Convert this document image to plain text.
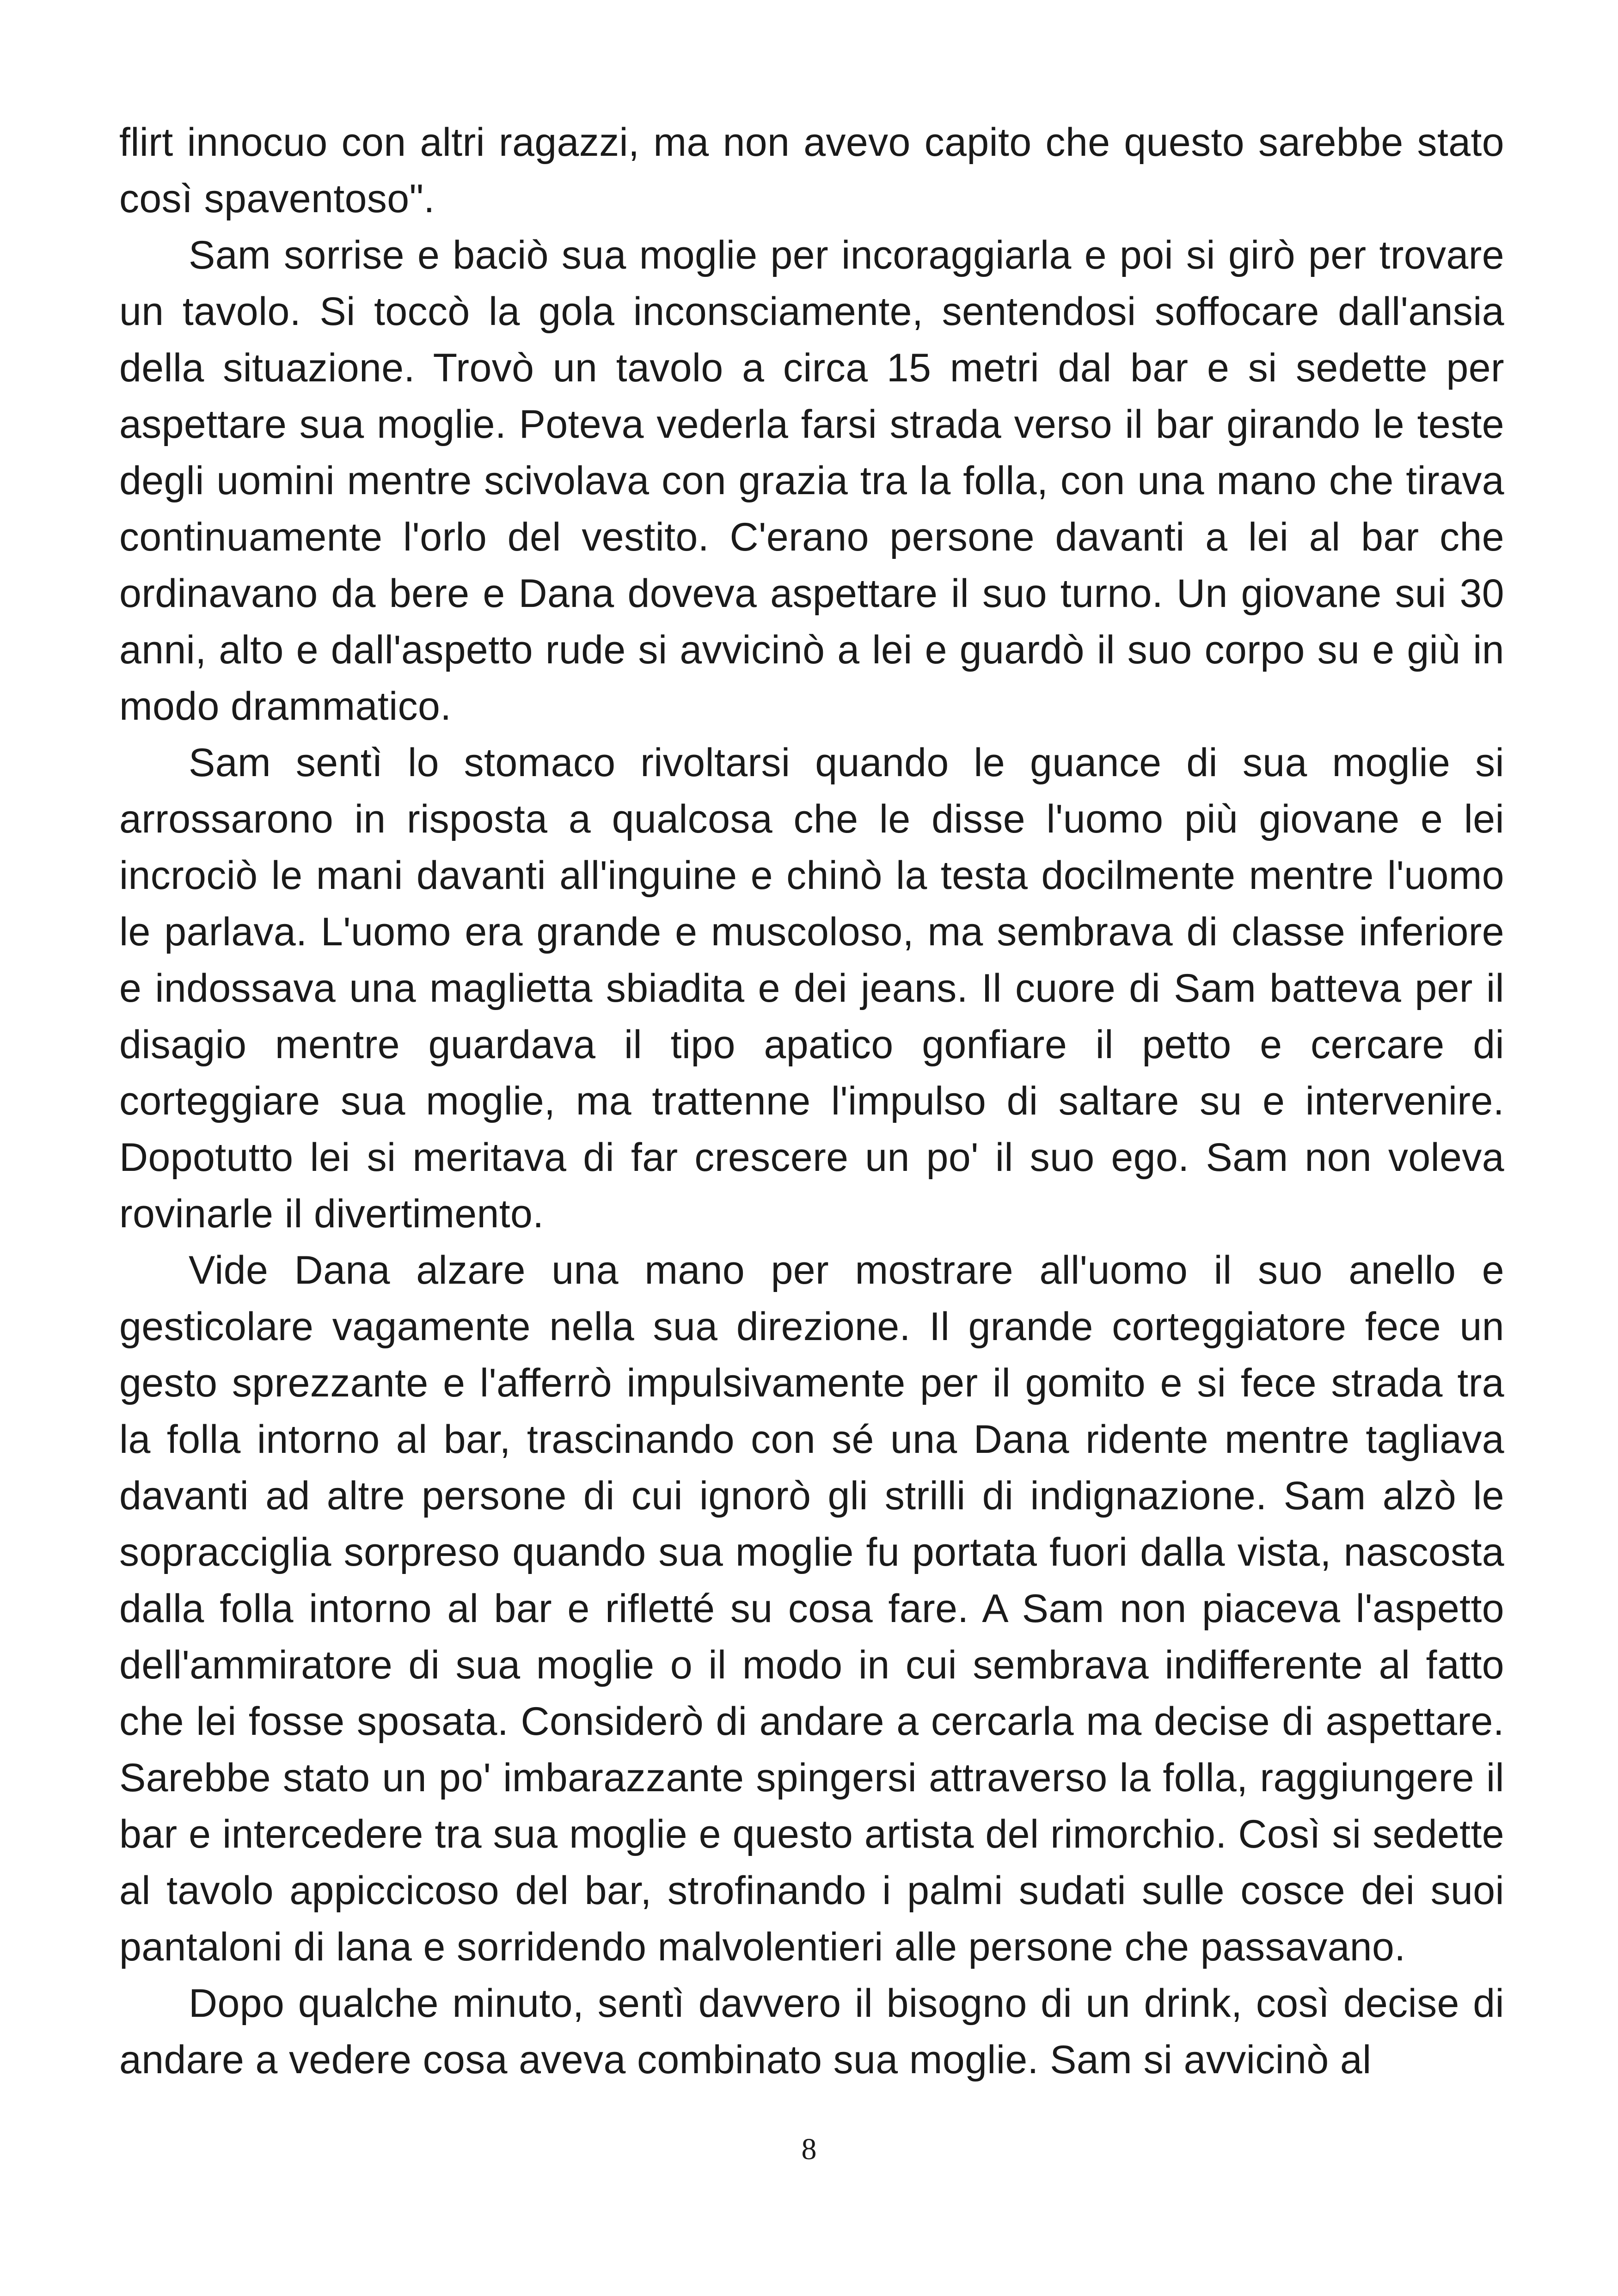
flirt innocuo con altri ragazzi, ma non avevo capito che questo sarebbe stato così spaventoso".

Sam sorrise e baciò sua moglie per incoraggiarla e poi si girò per trovare un tavolo. Si toccò la gola inconsciamente, sentendosi soffocare dall'ansia della situazione. Trovò un tavolo a circa 15 metri dal bar e si sedette per aspettare sua moglie. Poteva vederla farsi strada verso il bar girando le teste degli uomini mentre scivolava con grazia tra la folla, con una mano che tirava continuamente l'orlo del vestito. C'erano persone davanti a lei al bar che ordinavano da bere e Dana doveva aspettare il suo turno. Un giovane sui 30 anni, alto e dall'aspetto rude si avvicinò a lei e guardò il suo corpo su e giù in modo drammatico.

Sam sentì lo stomaco rivoltarsi quando le guance di sua moglie si arrossarono in risposta a qualcosa che le disse l'uomo più giovane e lei incrociò le mani davanti all'inguine e chinò la testa docilmente mentre l'uomo le parlava. L'uomo era grande e muscoloso, ma sembrava di classe inferiore e indossava una maglietta sbiadita e dei jeans. Il cuore di Sam batteva per il disagio mentre guardava il tipo apatico gonfiare il petto e cercare di corteggiare sua moglie, ma trattenne l'impulso di saltare su e intervenire. Dopotutto lei si meritava di far crescere un po' il suo ego. Sam non voleva rovinarle il divertimento.

Vide Dana alzare una mano per mostrare all'uomo il suo anello e gesticolare vagamente nella sua direzione. Il grande corteggiatore fece un gesto sprezzante e l'afferrò impulsivamente per il gomito e si fece strada tra la folla intorno al bar, trascinando con sé una Dana ridente mentre tagliava davanti ad altre persone di cui ignorò gli strilli di indignazione. Sam alzò le sopracciglia sorpreso quando sua moglie fu portata fuori dalla vista, nascosta dalla folla intorno al bar e rifletté su cosa fare. A Sam non piaceva l'aspetto dell'ammiratore di sua moglie o il modo in cui sembrava indifferente al fatto che lei fosse sposata. Considerò di andare a cercarla ma decise di aspettare. Sarebbe stato un po' imbarazzante spingersi attraverso la folla, raggiungere il bar e intercedere tra sua moglie e questo artista del rimorchio. Così si sedette al tavolo appiccicoso del bar, strofinando i palmi sudati sulle cosce dei suoi pantaloni di lana e sorridendo malvolentieri alle persone che passavano.

Dopo qualche minuto, sentì davvero il bisogno di un drink, così decise di andare a vedere cosa aveva combinato sua moglie. Sam si avvicinò al

8
